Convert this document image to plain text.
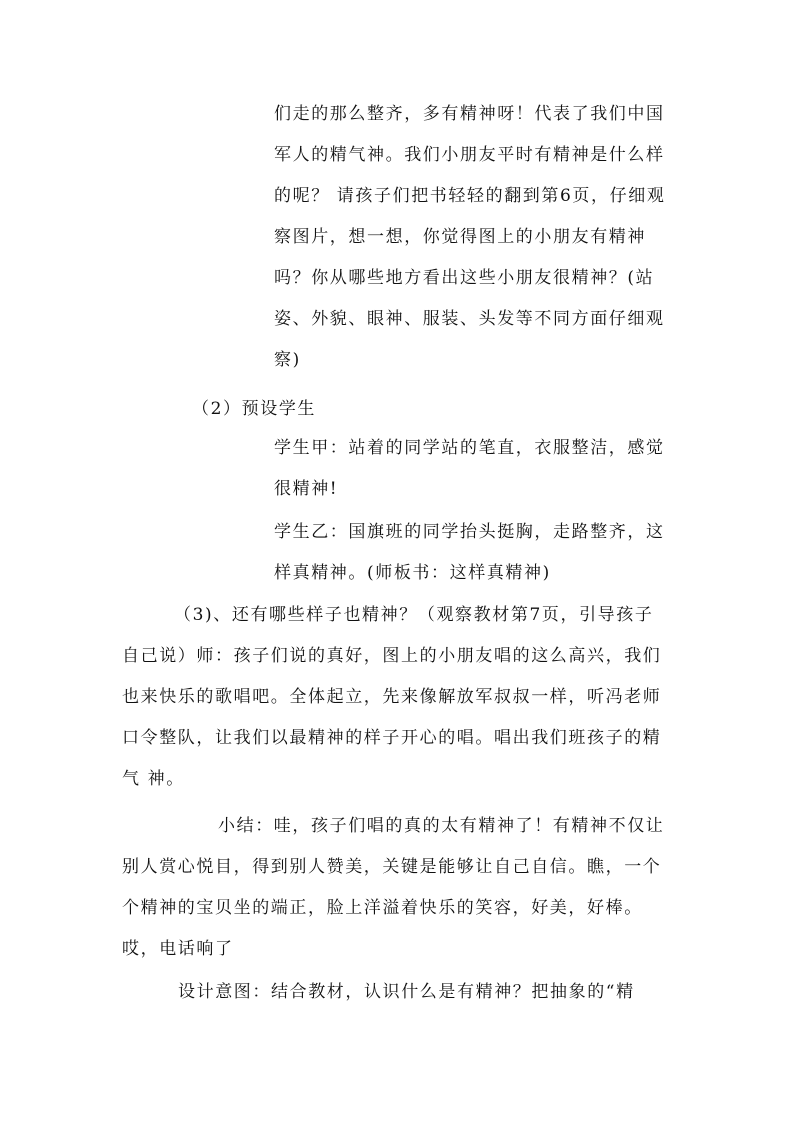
们走的那么整齐，多有精神呀！代表了我们中国
军人的精气神。我们小朋友平时有精神是什么样
的呢？ 请孩子们把书轻轻的翻到第6页，仔细观
察图片，想一想，你觉得图上的小朋友有精神
吗？你从哪些地方看出这些小朋友很精神？(站
姿、外貌、眼神、服装、头发等不同方面仔细观
察)
（2）预设学生
学生甲：站着的同学站的笔直，衣服整洁，感觉
很精神!
学生乙：国旗班的同学抬头挺胸，走路整齐，这
样真精神。(师板书：这样真精神)
（3)、还有哪些样子也精神？（观察教材第7页，引导孩子
自己说）师：孩子们说的真好，图上的小朋友唱的这么高兴，我们
也来快乐的歌唱吧。全体起立，先来像解放军叔叔一样，听冯老师
口令整队，让我们以最精神的样子开心的唱。唱出我们班孩子的精
气 神。
小结：哇，孩子们唱的真的太有精神了！有精神不仅让
别人赏心悦目，得到别人赞美，关键是能够让自己自信。瞧，一个
个精神的宝贝坐的端正，脸上洋溢着快乐的笑容，好美，好棒。
哎，电话响了
设计意图：结合教材，认识什么是有精神？把抽象的“精
